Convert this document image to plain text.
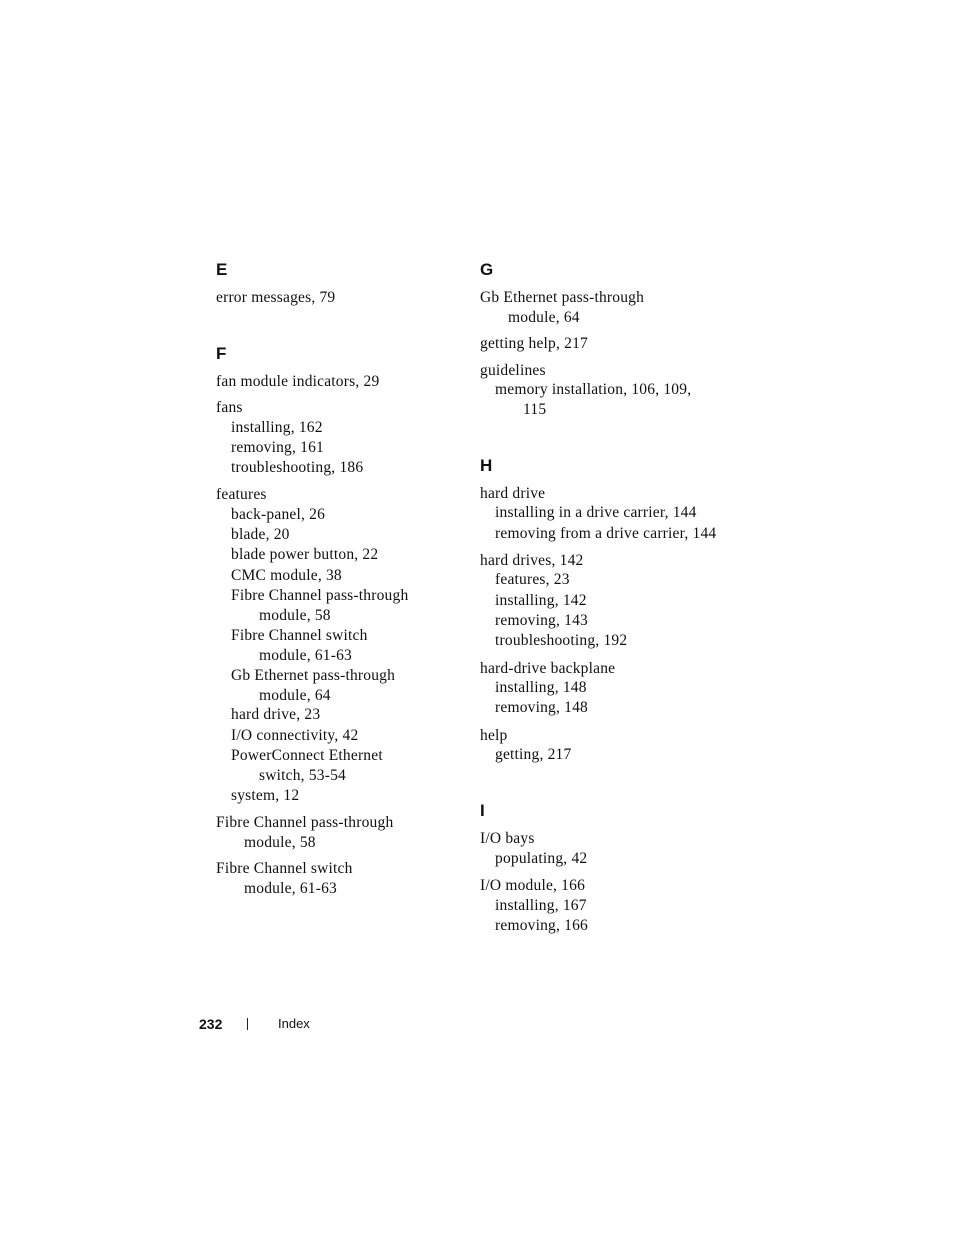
E
error messages, 79
F
fan module indicators, 29
fans
installing, 162
removing, 161
troubleshooting, 186
features
back-panel, 26
blade, 20
blade power button, 22
CMC module, 38
Fibre Channel pass-through
module, 58
Fibre Channel switch
module, 61-63
Gb Ethernet pass-through
module, 64
hard drive, 23
I/O connectivity, 42
PowerConnect Ethernet
switch, 53-54
system, 12
Fibre Channel pass-through
module, 58
Fibre Channel switch
module, 61-63
G
Gb Ethernet pass-through
module, 64
getting help, 217
guidelines
memory installation, 106, 109,
115
H
hard drive
installing in a drive carrier, 144
removing from a drive carrier, 144
hard drives, 142
features, 23
installing, 142
removing, 143
troubleshooting, 192
hard-drive backplane
installing, 148
removing, 148
help
getting, 217
I
I/O bays
populating, 42
I/O module, 166
installing, 167
removing, 166
232	Index
